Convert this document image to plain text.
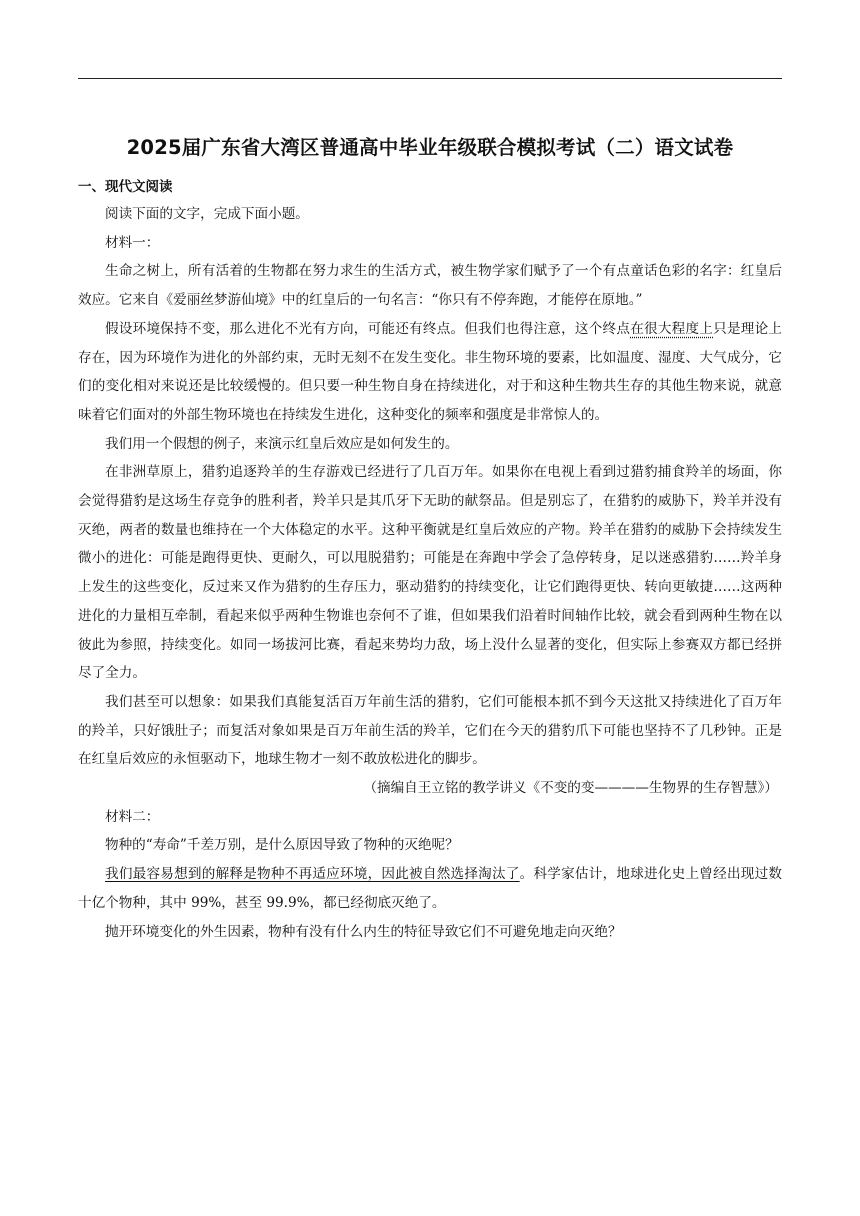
2025届广东省大湾区普通高中毕业年级联合模拟考试（二）语文试卷
一、现代文阅读

阅读下面的文字，完成下面小题。

材料一：

生命之树上，所有活着的生物都在努力求生的生活方式，被生物学家们赋予了一个有点童话色彩的名字：红皇后效应。它来自《爱丽丝梦游仙境》中的红皇后的一句名言：“你只有不停奔跑，才能停在原地。”

假设环境保持不变，那么进化不光有方向，可能还有终点。但我们也得注意，这个终点在很大程度上只是理论上存在，因为环境作为进化的外部约束，无时无刻不在发生变化。非生物环境的要素，比如温度、湿度、大气成分，它们的变化相对来说还是比较缓慢的。但只要一种生物自身在持续进化，对于和这种生物共生存的其他生物来说，就意味着它们面对的外部生物环境也在持续发生进化，这种变化的频率和强度是非常惊人的。

我们用一个假想的例子，来演示红皇后效应是如何发生的。

在非洲草原上，猎豹追逐羚羊的生存游戏已经进行了几百万年。如果你在电视上看到过猎豹捕食羚羊的场面，你会觉得猎豹是这场生存竞争的胜利者，羚羊只是其爪牙下无助的献祭品。但是别忘了，在猎豹的威胁下，羚羊并没有灭绝，两者的数量也维持在一个大体稳定的水平。这种平衡就是红皇后效应的产物。羚羊在猎豹的威胁下会持续发生微小的进化：可能是跑得更快、更耐久，可以甩脱猎豹；可能是在奔跑中学会了急停转身，足以迷惑猎豹……羚羊身上发生的这些变化，反过来又作为猎豹的生存压力，驱动猎豹的持续变化，让它们跑得更快、转向更敏捷……这两种进化的力量相互牵制，看起来似乎两种生物谁也奈何不了谁，但如果我们沿着时间轴作比较，就会看到两种生物在以彼此为参照，持续变化。如同一场拔河比赛，看起来势均力敌，场上没什么显著的变化，但实际上参赛双方都已经拼尽了全力。

我们甚至可以想象：如果我们真能复活百万年前生活的猎豹，它们可能根本抓不到今天这批又持续进化了百万年的羚羊，只好饿肚子；而复活对象如果是百万年前生活的羚羊，它们在今天的猎豹爪下可能也坚持不了几秒钟。正是在红皇后效应的永恒驱动下，地球生物才一刻不敢放松进化的脚步。

（摘编自王立铭的教学讲义《不变的变————生物界的生存智慧》）

材料二：

物种的“寿命”千差万别，是什么原因导致了物种的灭绝呢？

我们最容易想到的解释是物种不再适应环境，因此被自然选择淘汰了。科学家估计，地球进化史上曾经出现过数十亿个物种，其中 99%，甚至 99.9%，都已经彻底灭绝了。

抛开环境变化的外生因素，物种有没有什么内生的特征导致它们不可避免地走向灭绝？
